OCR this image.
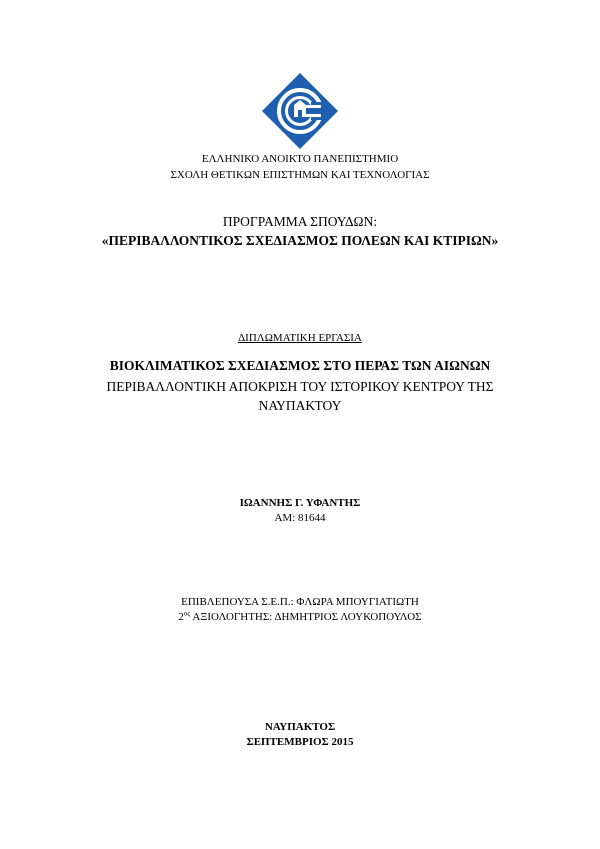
ΕΛΛΗΝΙΚΟ ΑΝΟΙΚΤΟ ΠΑΝΕΠΙΣΤΗΜΙΟ
ΣΧΟΛΗ ΘΕΤΙΚΩΝ ΕΠΙΣΤΗΜΩΝ ΚΑΙ ΤΕΧΝΟΛΟΓΙΑΣ
ΠΡΟΓΡΑΜΜΑ ΣΠΟΥΔΩΝ:
«ΠΕΡΙΒΑΛΛΟΝΤΙΚΟΣ ΣΧΕΔΙΑΣΜΟΣ ΠΟΛΕΩΝ ΚΑΙ ΚΤΙΡΙΩΝ»
ΔΙΠΛΩΜΑΤΙΚΗ ΕΡΓΑΣΙΑ
ΒΙΟΚΛΙΜΑΤΙΚΟΣ ΣΧΕΔΙΑΣΜΟΣ ΣΤΟ ΠΕΡΑΣ ΤΩΝ ΑΙΩΝΩΝ
ΠΕΡΙΒΑΛΛΟΝΤΙΚΗ ΑΠΟΚΡΙΣΗ ΤΟΥ ΙΣΤΟΡΙΚΟΥ ΚΕΝΤΡΟΥ ΤΗΣ
ΝΑΥΠΑΚΤΟΥ
ΙΩΑΝΝΗΣ Γ. ΥΦΑΝΤΗΣ
ΑΜ: 81644
ΕΠΙΒΛΕΠΟΥΣΑ Σ.Ε.Π.: ΦΛΩΡΑ ΜΠΟΥΓΙΑΤΙΩΤΗ
$2^{o\varsigma}$ ΑΞΙΟΛΟΓΗΤΗΣ: ΔΗΜΗΤΡΙΟΣ ΛΟΥΚΟΠΟΥΛΟΣ
ΝΑΥΠΑΚΤΟΣ
ΣΕΠΤΕΜΒΡΙΟΣ 2015
